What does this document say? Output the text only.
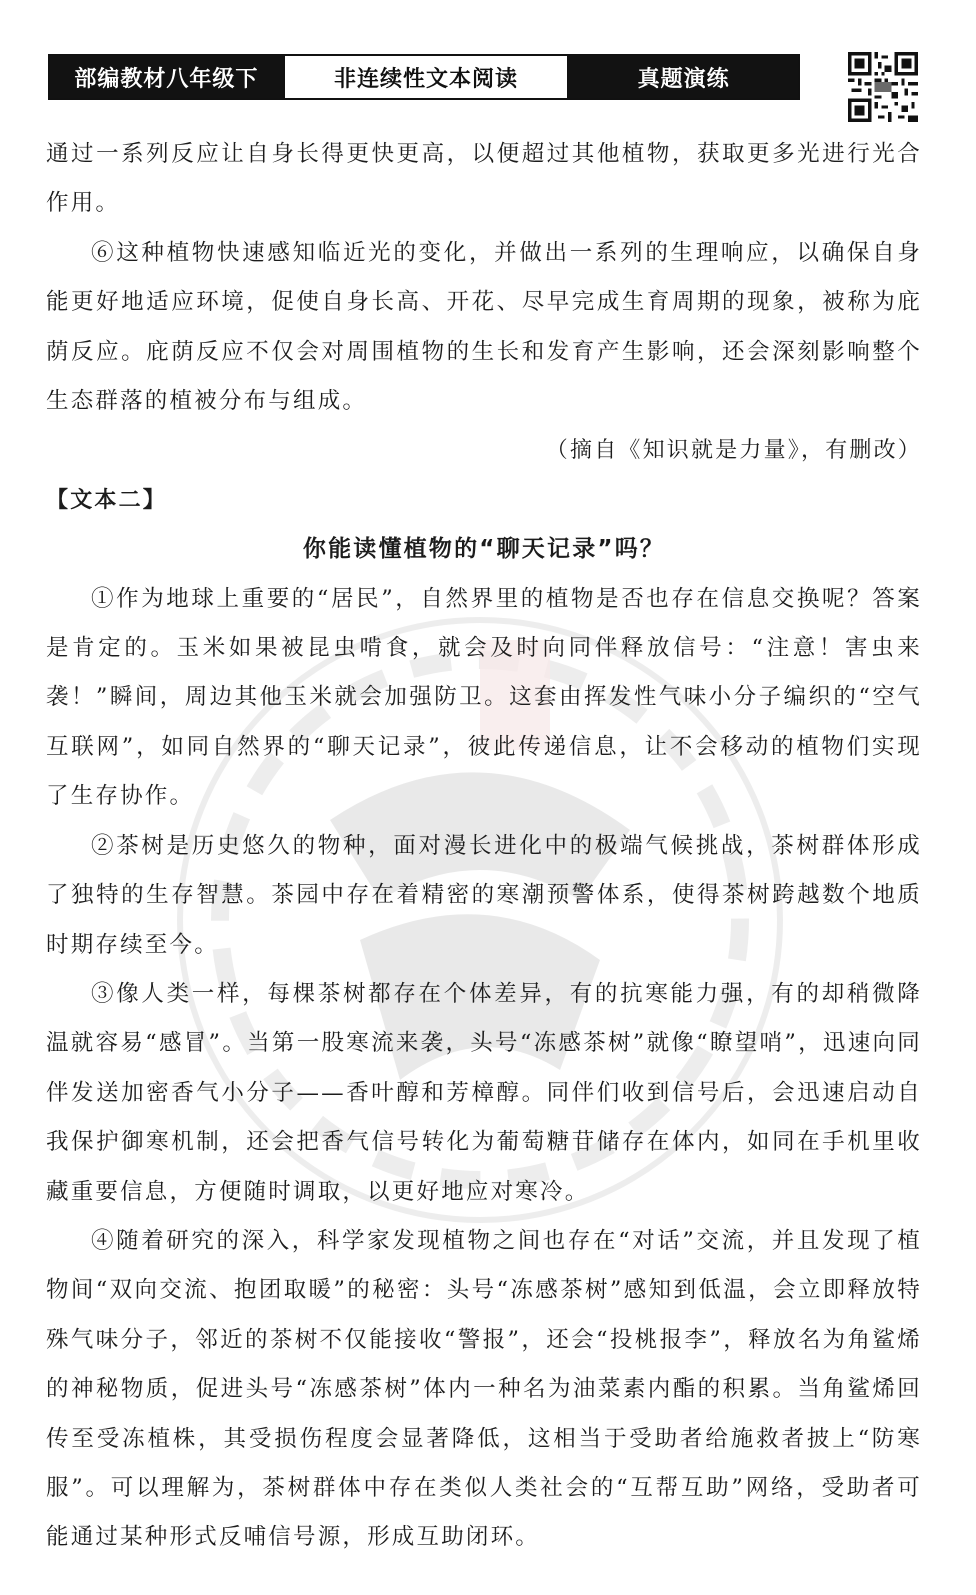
部编教材八年级下	非连续性文本阅读	真题演练

通过一系列反应让自身长得更快更高，以便超过其他植物，获取更多光进行光合作用。

⑥这种植物快速感知临近光的变化，并做出一系列的生理响应，以确保自身能更好地适应环境，促使自身长高、开花、尽早完成生育周期的现象，被称为庇荫反应。庇荫反应不仅会对周围植物的生长和发育产生影响，还会深刻影响整个生态群落的植被分布与组成。

（摘自《知识就是力量》，有删改）

【文本二】

你能读懂植物的“聊天记录”吗？

①作为地球上重要的“居民”，自然界里的植物是否也存在信息交换呢？答案是肯定的。玉米如果被昆虫啃食，就会及时向同伴释放信号：“注意！害虫来袭！”瞬间，周边其他玉米就会加强防卫。这套由挥发性气味小分子编织的“空气互联网”，如同自然界的“聊天记录”，彼此传递信息，让不会移动的植物们实现了生存协作。

②茶树是历史悠久的物种，面对漫长进化中的极端气候挑战，茶树群体形成了独特的生存智慧。茶园中存在着精密的寒潮预警体系，使得茶树跨越数个地质时期存续至今。

③像人类一样，每棵茶树都存在个体差异，有的抗寒能力强，有的却稍微降温就容易“感冒”。当第一股寒流来袭，头号“冻感茶树”就像“瞭望哨”，迅速向同伴发送加密香气小分子——香叶醇和芳樟醇。同伴们收到信号后，会迅速启动自我保护御寒机制，还会把香气信号转化为葡萄糖苷储存在体内，如同在手机里收藏重要信息，方便随时调取，以更好地应对寒冷。

④随着研究的深入，科学家发现植物之间也存在“对话”交流，并且发现了植物间“双向交流、抱团取暖”的秘密：头号“冻感茶树”感知到低温，会立即释放特殊气味分子，邻近的茶树不仅能接收“警报”，还会“投桃报李”，释放名为角鲨烯的神秘物质，促进头号“冻感茶树”体内一种名为油菜素内酯的积累。当角鲨烯回传至受冻植株，其受损伤程度会显著降低，这相当于受助者给施救者披上“防寒服”。可以理解为，茶树群体中存在类似人类社会的“互帮互助”网络，受助者可能通过某种形式反哺信号源，形成互助闭环。
